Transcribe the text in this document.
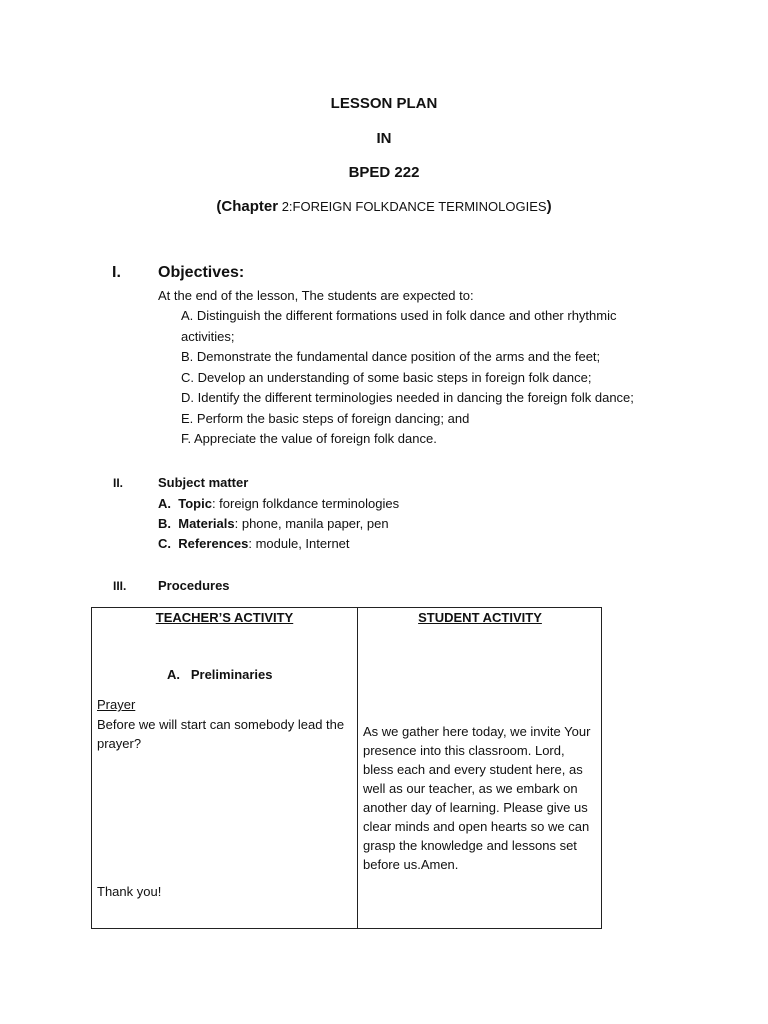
LESSON PLAN
IN
BPED 222
(Chapter 2:FOREIGN FOLKDANCE TERMINOLOGIES)
I. Objectives:
At the end of the lesson, The students are expected to:
A. Distinguish the different formations used in folk dance and other rhythmic
activities;
B. Demonstrate the fundamental dance position of the arms and the feet;
C. Develop an understanding of some basic steps in foreign folk dance;
D. Identify the different terminologies needed in dancing the foreign folk dance;
E. Perform the basic steps of foreign dancing; and
F. Appreciate the value of foreign folk dance.
II.	Subject matter
A. Topic: foreign folkdance terminologies
B. Materials: phone, manila paper, pen
C. References: module, Internet
III. Procedures
TEACHER’S ACTIVITY	STUDENT ACTIVITY
A. Preliminaries
Prayer
Before we will start can somebody lead the prayer?
Thank you!
As we gather here today, we invite Your presence into this classroom. Lord, bless each and every student here, as well as our teacher, as we embark on another day of learning. Please give us clear minds and open hearts so we can grasp the knowledge and lessons set before us.Amen.
